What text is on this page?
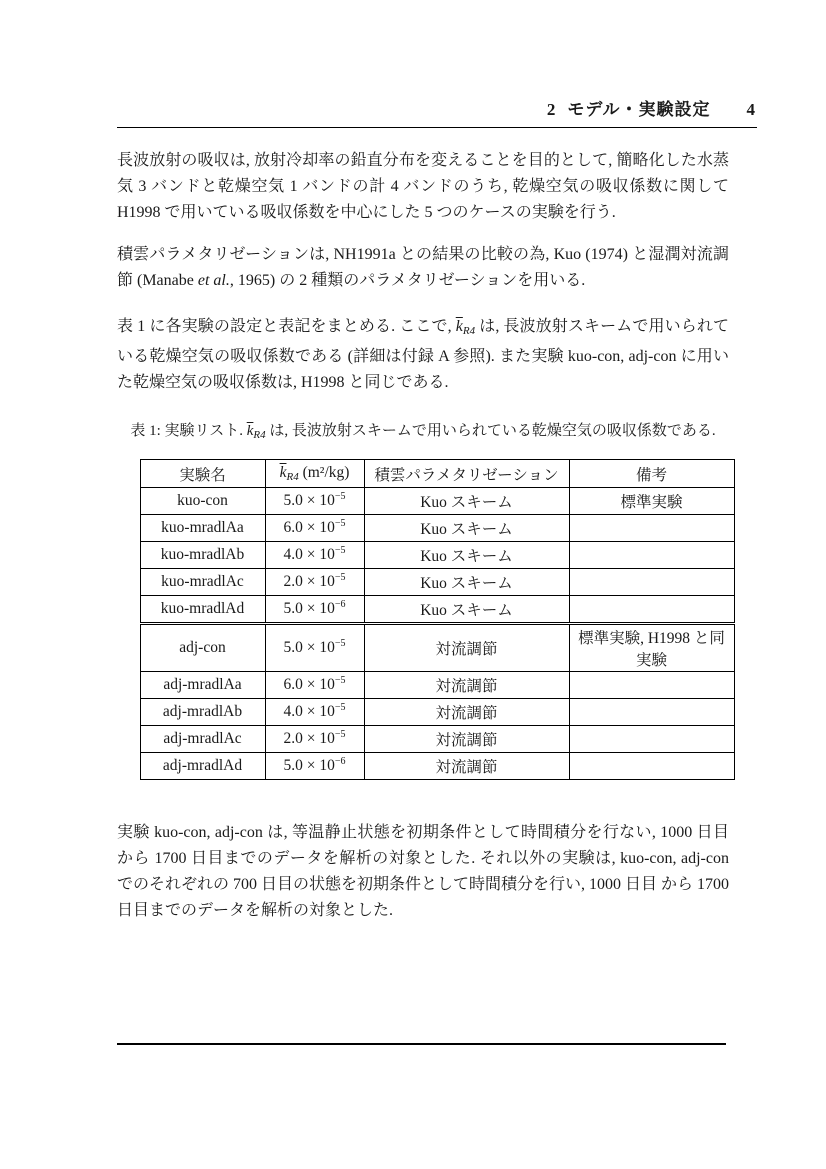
2 モデル・実験設定 4

長波放射の吸収は, 放射冷却率の鉛直分布を変えることを目的として, 簡略化した水蒸気 3 バンドと乾燥空気 1 バンドの計 4 バンドのうち, 乾燥空気の吸収係数に関して H1998 で用いている吸収係数を中心にした 5 つのケースの実験を行う.

積雲パラメタリゼーションは, NH1991a との結果の比較の為, Kuo (1974) と湿潤対流調節 (Manabe et al., 1965) の 2 種類のパラメタリゼーションを用いる.

表 1 に各実験の設定と表記をまとめる. ここで, $\overline{k}R4$ は, 長波放射スキームで用いられている乾燥空気の吸収係数である (詳細は付録 A 参照). また実験 kuo-con, adj-con に用いた乾燥空気の吸収係数は, H1998 と同じである.

表 1: 実験リスト. $\overline{k}_{R4}$ は, 長波放射スキームで用いられている乾燥空気の吸収係数である.
実験名	$\overline{k}R4$ (m²/kg)	積雲パラメタリゼーション	備考
kuo-con	$5.0 \times 10^{-5}$	Kuo スキーム	標準実験
kuo-mradlAa	$6.0 \times 10^{-5}$	Kuo スキーム	
kuo-mradlAb	$4.0 \times 10^{-5}$	Kuo スキーム	
kuo-mradlAc	$2.0 \times 10^{-5}$	Kuo スキーム	
kuo-mradlAd	$5.0 \times 10^{-6}$	Kuo スキーム	
adj-con	$5.0 \times 10^{-5}$	対流調節	標準実験, H1998 と同実験
adj-mradlAa	$6.0 \times 10^{-5}$	対流調節	
adj-mradlAb	$4.0 \times 10^{-5}$	対流調節	
adj-mradlAc	$2.0 \times 10^{-5}$	対流調節	
adj-mradlAd	$5.0 \times 10^{-6}$	対流調節	

実験 kuo-con, adj-con は, 等温静止状態を初期条件として時間積分を行ない, 1000 日目 から 1700 日目までのデータを解析の対象とした. それ以外の実験は, kuo-con, adj-con でのそれぞれの 700 日目の状態を初期条件として時間積分を行い, 1000 日目 から 1700 日目までのデータを解析の対象とした.
